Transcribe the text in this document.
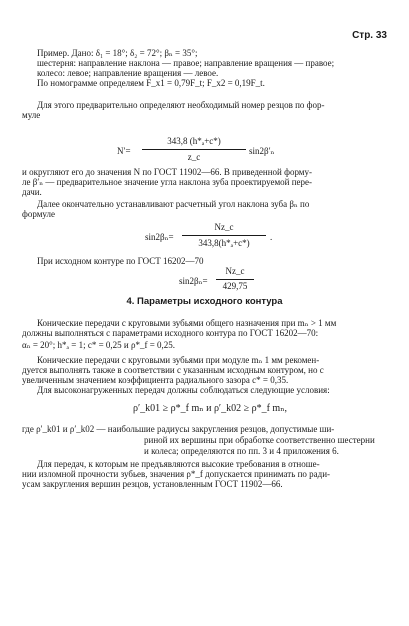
Стр. 33
Пример. Дано: δ₁ = 18°; δ₂ = 72°; βₙ = 35°;
шестерня: направление наклона — правое; направление вращения — правое;
колесо: левое; направление вращения — левое.
По номограмме определяем F_x1 = 0,79F_t; F_x2 = 0,19F_t.
Для этого предварительно определяют необходимый номер резцов по фор-
муле
N′=
343,8 (h*ₐ+c*)
z_c
sin2β′ₙ
и округляют его до значения N по ГОСТ 11902—66. В приведенной форму-
ле β′ₙ — предварительное значение угла наклона зуба проектируемой пере-
дачи.
Далее окончательно устанавливают расчетный угол наклона зуба βₙ по
формуле
sin2βₙ=
Nz_c
343,8(h*ₐ+c*)
.
При исходном контуре по ГОСТ 16202—70
sin2βₙ=
Nz_c
429,75
4. Параметры исходного контура
Конические передачи с круговыми зубьями общего назначения при mₙ > 1 мм
должны выполняться с параметрами исходного контура по ГОСТ 16202—70:
αₙ = 20°; h*ₐ = 1; c* = 0,25 и ρ*_f = 0,25.
Конические передачи с круговыми зубьями при модуле mₙ 1 мм рекомен-
дуется выполнять также в соответствии с указанным исходным контуром, но с
увеличенным значением коэффициента радиального зазора c* = 0,35.
Для высоконагруженных передач должны соблюдаться следующие условия:
ρ′_k01 ≥ ρ*_f mₙ и ρ′_k02 ≥ ρ*_f mₙ,
где ρ′_k01 и ρ′_k02 — наибольшие радиусы закругления резцов, допустимые ши-
риной их вершины при обработке соответственно шестерни
и колеса; определяются по пп. 3 и 4 приложения 6.
Для передач, к которым не предъявляются высокие требования в отноше-
нии изломной прочности зубьев, значения ρ*_f допускается принимать по ради-
усам закругления вершин резцов, установленным ГОСТ 11902—66.
